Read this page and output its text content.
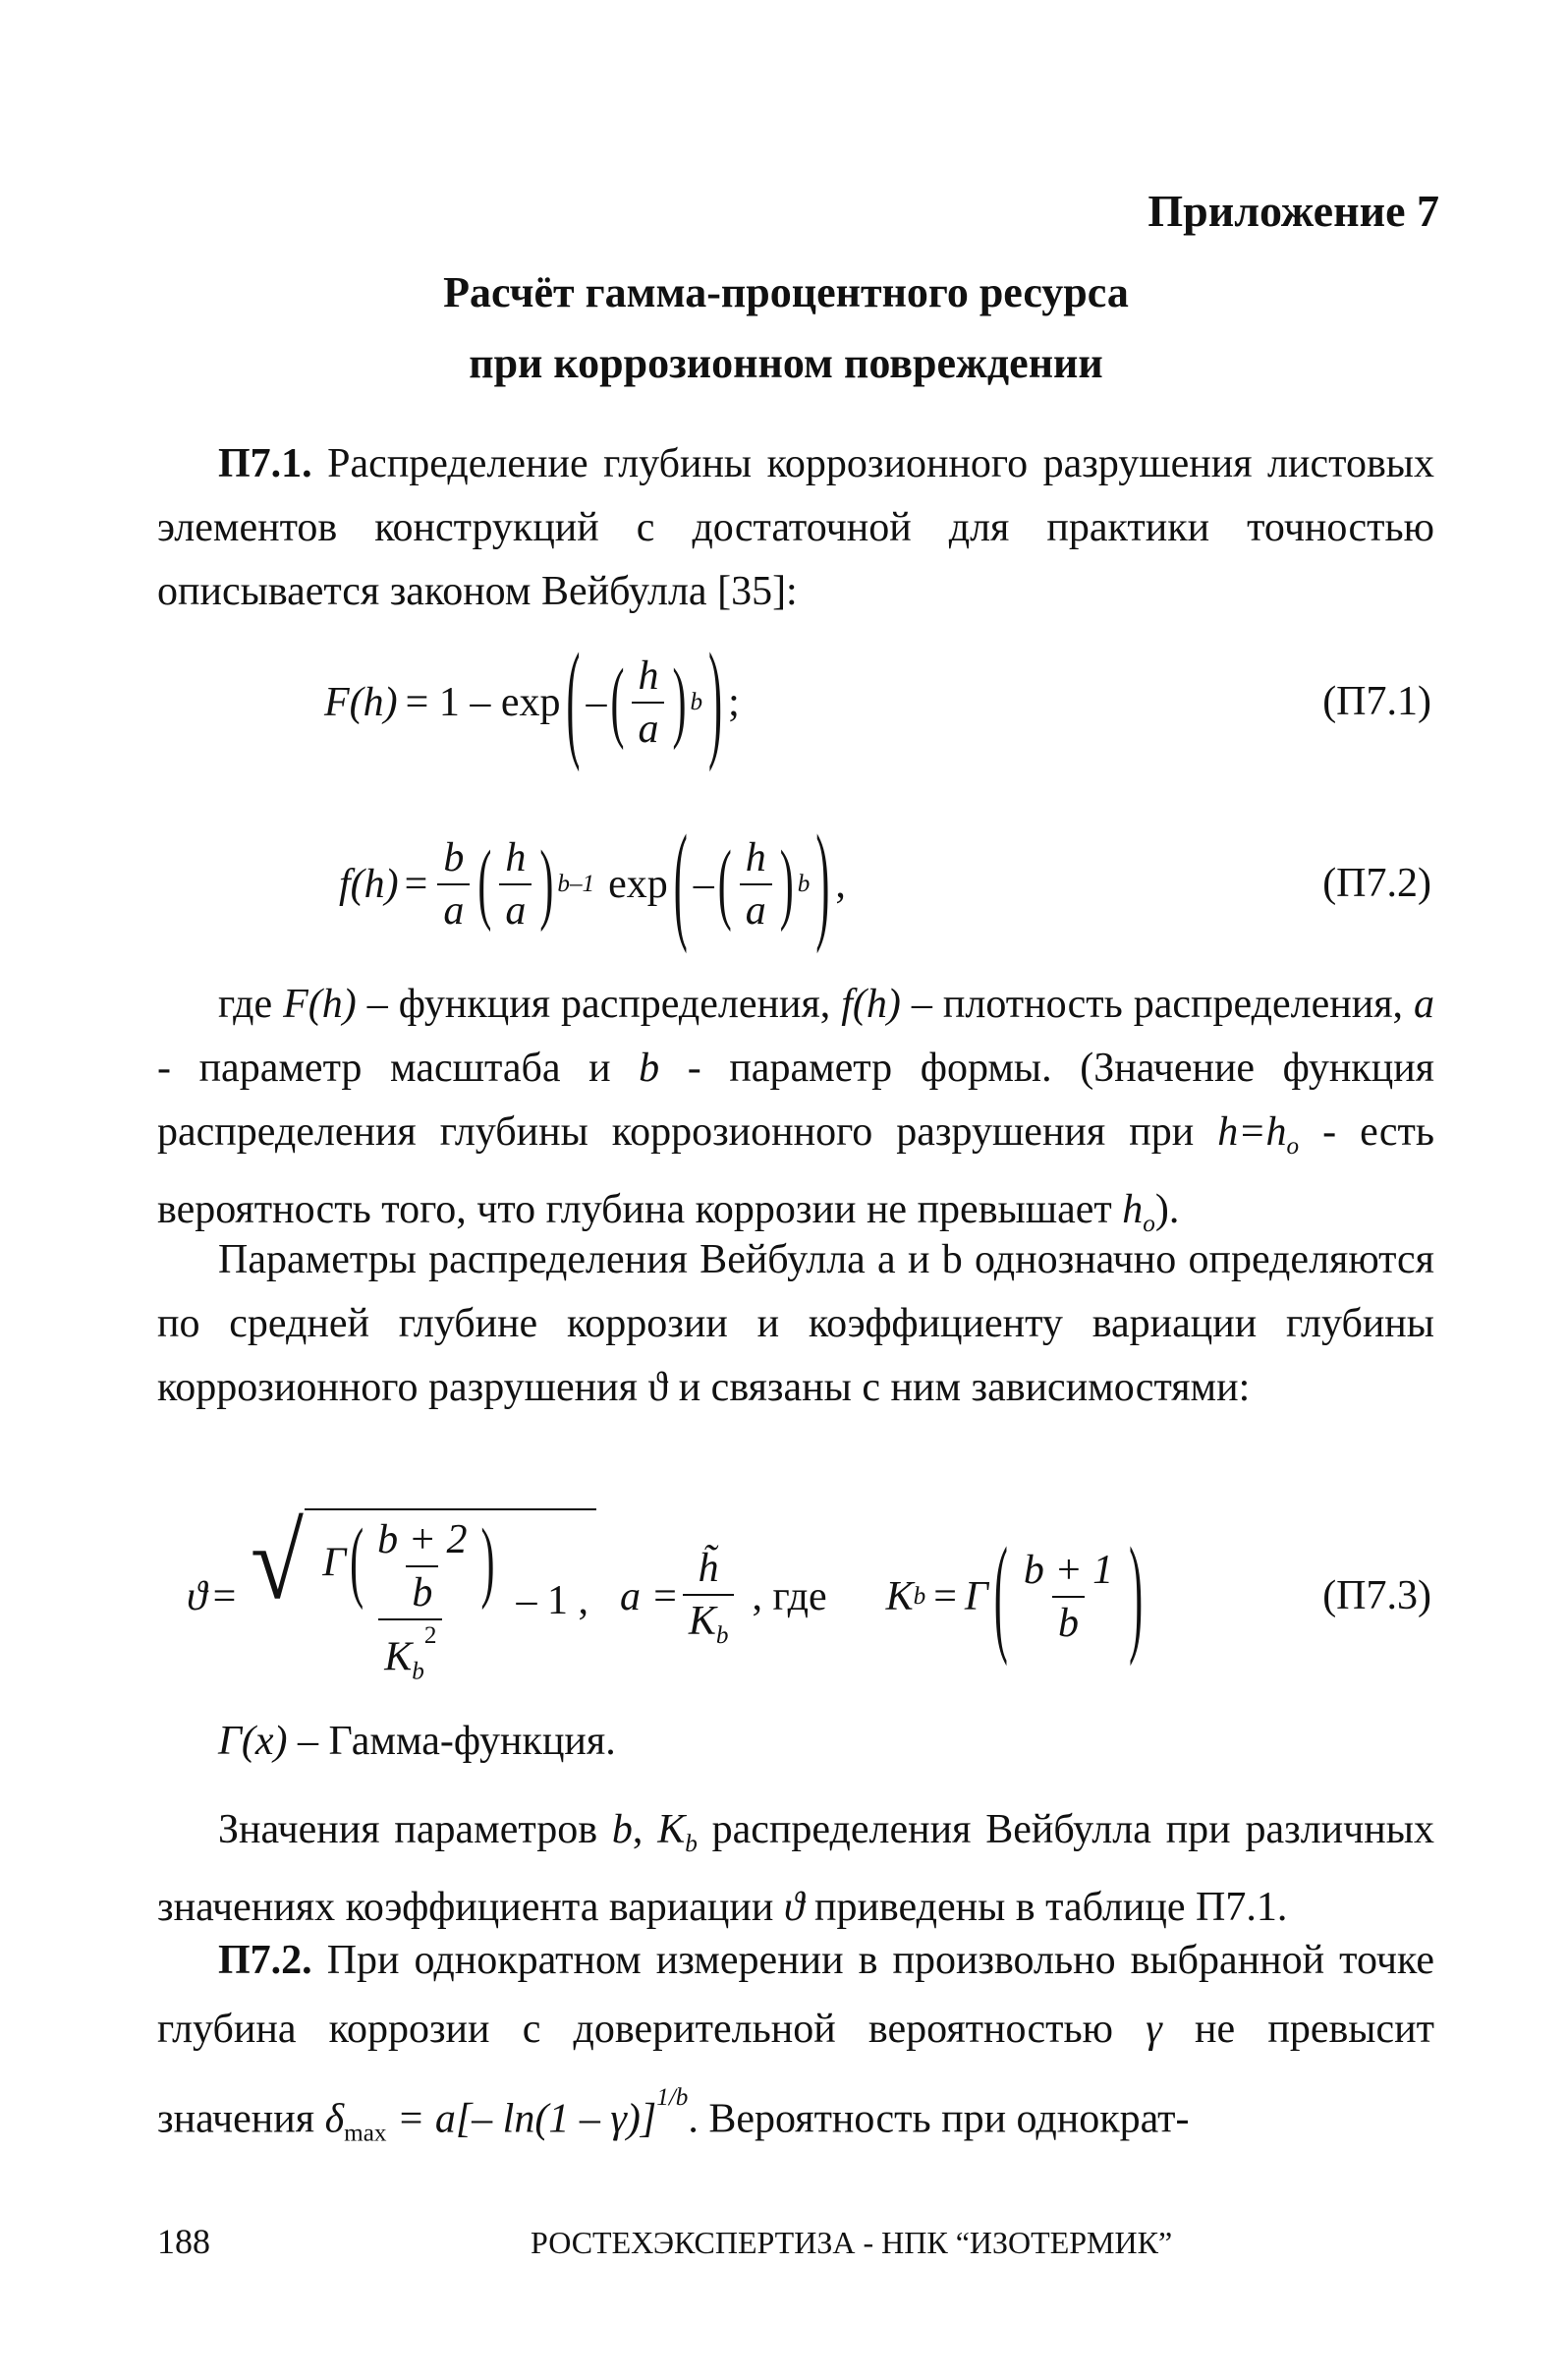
Приложение 7
Расчёт гамма-процентного ресурса
при коррозионном повреждении
П7.1. Распределение глубины коррозионного разрушения листовых элементов конструкций с достаточной для практики точностью описывается законом Вейбулла [35]:
F(h) = 1 – exp ( – ( $\frac{h}{a}$ ) b ) ;	(П7.1)
$f(h) = \frac{b}{a}$ ( $\frac{h}{a}$ ) b–1 exp ( – ( $\frac{h}{a}$ ) b ) ,	(П7.2)
где F(h) – функция распределения, f(h) – плотность распределения, a - параметр масштаба и b - параметр формы. (Значение функция распределения глубины коррозионного разрушения при $h=h_o$ - есть вероятность того, что глубина коррозии не превышает $h_o$).
Параметры распределения Вейбулла а и b однозначно определяются по средней глубине коррозии и коэффициенту вариации глубины коррозионного разрушения ϑ и связаны с ним зависимостями:
ϑ = √ $\frac{\Gamma( \frac{b + 2}{b} )}{K_b^2} - 1$ , $a = \frac{h̃}{K_b}$ , где K b = Γ ( $\frac{b + 1}{b}$ )	(П7.3)
Г(x) – Гамма-функция.
Значения параметров b, $K_b$ распределения Вейбулла при различных значениях коэффициента вариации ϑ приведены в таблице П7.1.
П7.2. При однократном измерении в произвольно выбранной точке глубина коррозии с доверительной вероятностью γ не превысит значения $\delta_{max} = a[-$ ln(1 – γ)]$^{1/b}$. Вероятность при однократ-
188	РОСТЕХЭКСПЕРТИЗА - НПК “ИЗОТЕРМИК”
